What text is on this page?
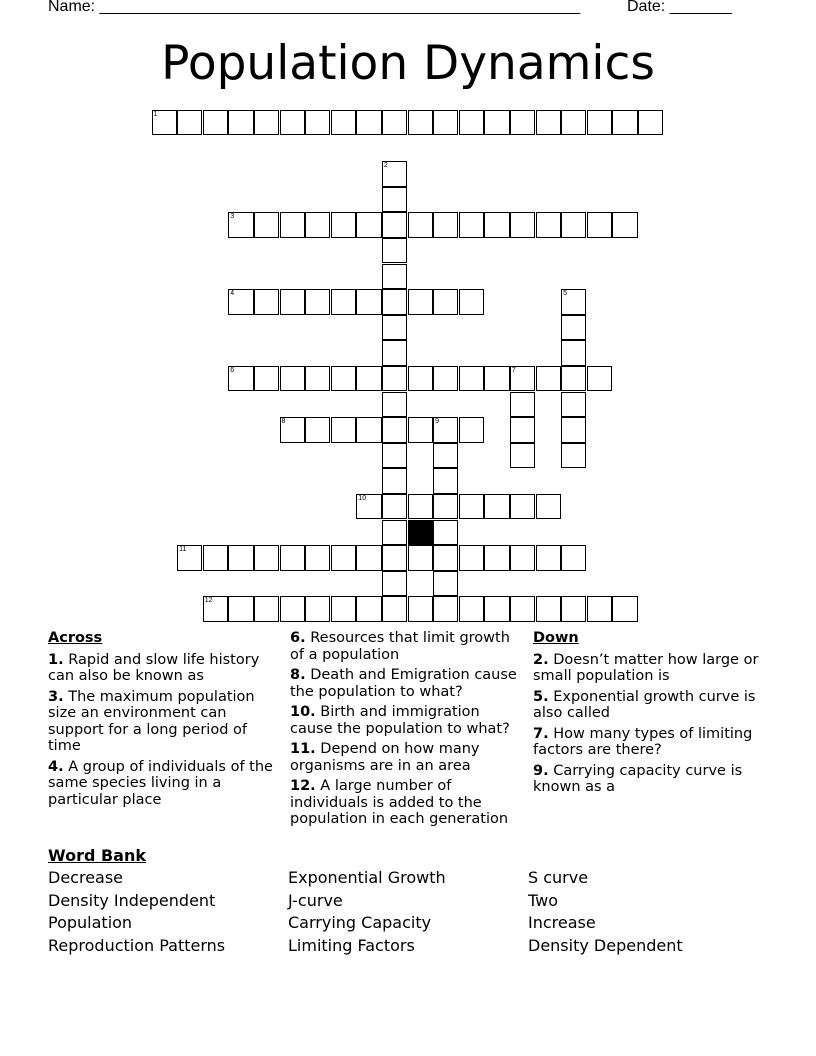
Name: ______________________________________________________	Date: _______
Population Dynamics
1
2
3
4	5
6	7
8	9
10
11
12
Across
1. Rapid and slow life history can also be known as
3. The maximum population size an environment can support for a long period of time
4. A group of individuals of the same species living in a particular place
6. Resources that limit growth of a population
8. Death and Emigration cause the population to what?
10. Birth and immigration cause the population to what?
11. Depend on how many organisms are in an area
12. A large number of individuals is added to the population in each generation
Down
2. Doesn’t matter how large or small population is
5. Exponential growth curve is also called
7. How many types of limiting factors are there?
9. Carrying capacity curve is known as a
Word Bank
Decrease
Density Independent
Population
Reproduction Patterns
Exponential Growth
J-curve
Carrying Capacity
Limiting Factors
S curve
Two
Increase
Density Dependent
